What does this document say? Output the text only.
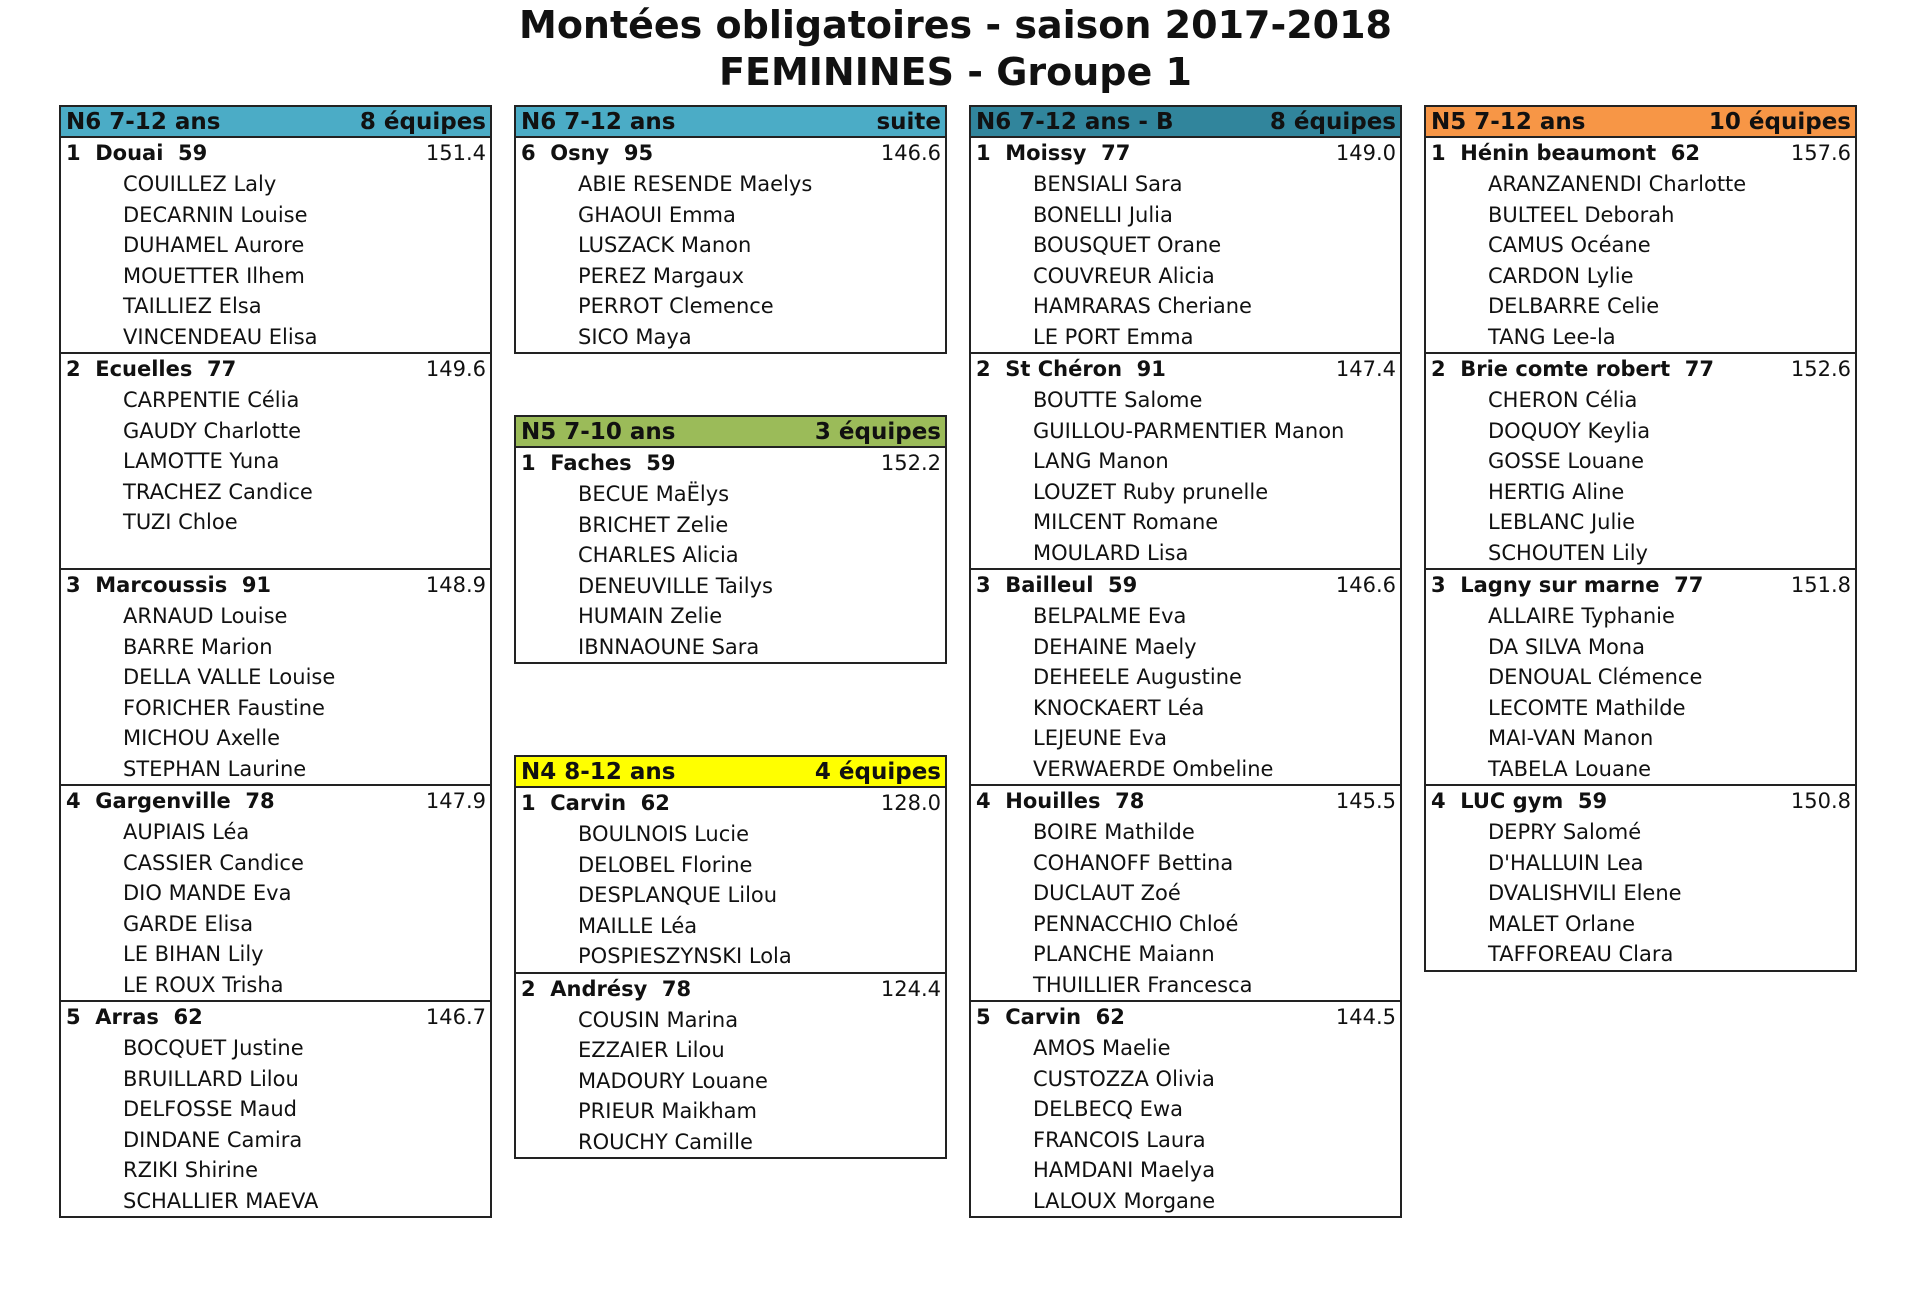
Montées obligatoires - saison 2017-2018
FEMININES - Groupe 1
N6 7-12 ans	8 équipes
1 Douai  59	151.4
COUILLEZ Laly
DECARNIN Louise
DUHAMEL Aurore
MOUETTER Ilhem
TAILLIEZ Elsa
VINCENDEAU Elisa
2 Ecuelles  77	149.6
CARPENTIE Célia
GAUDY Charlotte
LAMOTTE Yuna
TRACHEZ Candice
TUZI Chloe
3 Marcoussis  91	148.9
ARNAUD Louise
BARRE Marion
DELLA VALLE Louise
FORICHER Faustine
MICHOU Axelle
STEPHAN Laurine
4 Gargenville  78	147.9
AUPIAIS Léa
CASSIER Candice
DIO MANDE Eva
GARDE Elisa
LE BIHAN Lily
LE ROUX Trisha
5 Arras  62	146.7
BOCQUET Justine
BRUILLARD Lilou
DELFOSSE Maud
DINDANE Camira
RZIKI Shirine
SCHALLIER MAEVA
N6 7-12 ans	suite
6 Osny  95	146.6
ABIE RESENDE Maelys
GHAOUI Emma
LUSZACK Manon
PEREZ Margaux
PERROT Clemence
SICO Maya
N5 7-10 ans	3 équipes
1 Faches  59	152.2
BECUE MaËlys
BRICHET Zelie
CHARLES Alicia
DENEUVILLE Tailys
HUMAIN Zelie
IBNNAOUNE Sara
N4 8-12 ans	4 équipes
1 Carvin  62	128.0
BOULNOIS Lucie
DELOBEL Florine
DESPLANQUE Lilou
MAILLE Léa
POSPIESZYNSKI Lola
2 Andrésy  78	124.4
COUSIN Marina
EZZAIER Lilou
MADOURY Louane
PRIEUR Maikham
ROUCHY Camille
N6 7-12 ans - B	8 équipes
1 Moissy  77	149.0
BENSIALI Sara
BONELLI Julia
BOUSQUET Orane
COUVREUR Alicia
HAMRARAS Cheriane
LE PORT Emma
2 St Chéron  91	147.4
BOUTTE Salome
GUILLOU-PARMENTIER Manon
LANG Manon
LOUZET Ruby prunelle
MILCENT Romane
MOULARD Lisa
3 Bailleul  59	146.6
BELPALME Eva
DEHAINE Maely
DEHEELE Augustine
KNOCKAERT Léa
LEJEUNE Eva
VERWAERDE Ombeline
4 Houilles  78	145.5
BOIRE Mathilde
COHANOFF Bettina
DUCLAUT Zoé
PENNACCHIO Chloé
PLANCHE Maiann
THUILLIER Francesca
5 Carvin  62	144.5
AMOS Maelie
CUSTOZZA Olivia
DELBECQ Ewa
FRANCOIS Laura
HAMDANI Maelya
LALOUX Morgane
N5 7-12 ans	10 équipes
1 Hénin beaumont  62	157.6
ARANZANENDI Charlotte
BULTEEL Deborah
CAMUS Océane
CARDON Lylie
DELBARRE Celie
TANG Lee-la
2 Brie comte robert  77	152.6
CHERON Célia
DOQUOY Keylia
GOSSE Louane
HERTIG Aline
LEBLANC Julie
SCHOUTEN Lily
3 Lagny sur marne  77	151.8
ALLAIRE Typhanie
DA SILVA Mona
DENOUAL Clémence
LECOMTE Mathilde
MAI-VAN Manon
TABELA Louane
4 LUC gym  59	150.8
DEPRY Salomé
D'HALLUIN Lea
DVALISHVILI Elene
MALET Orlane
TAFFOREAU Clara
